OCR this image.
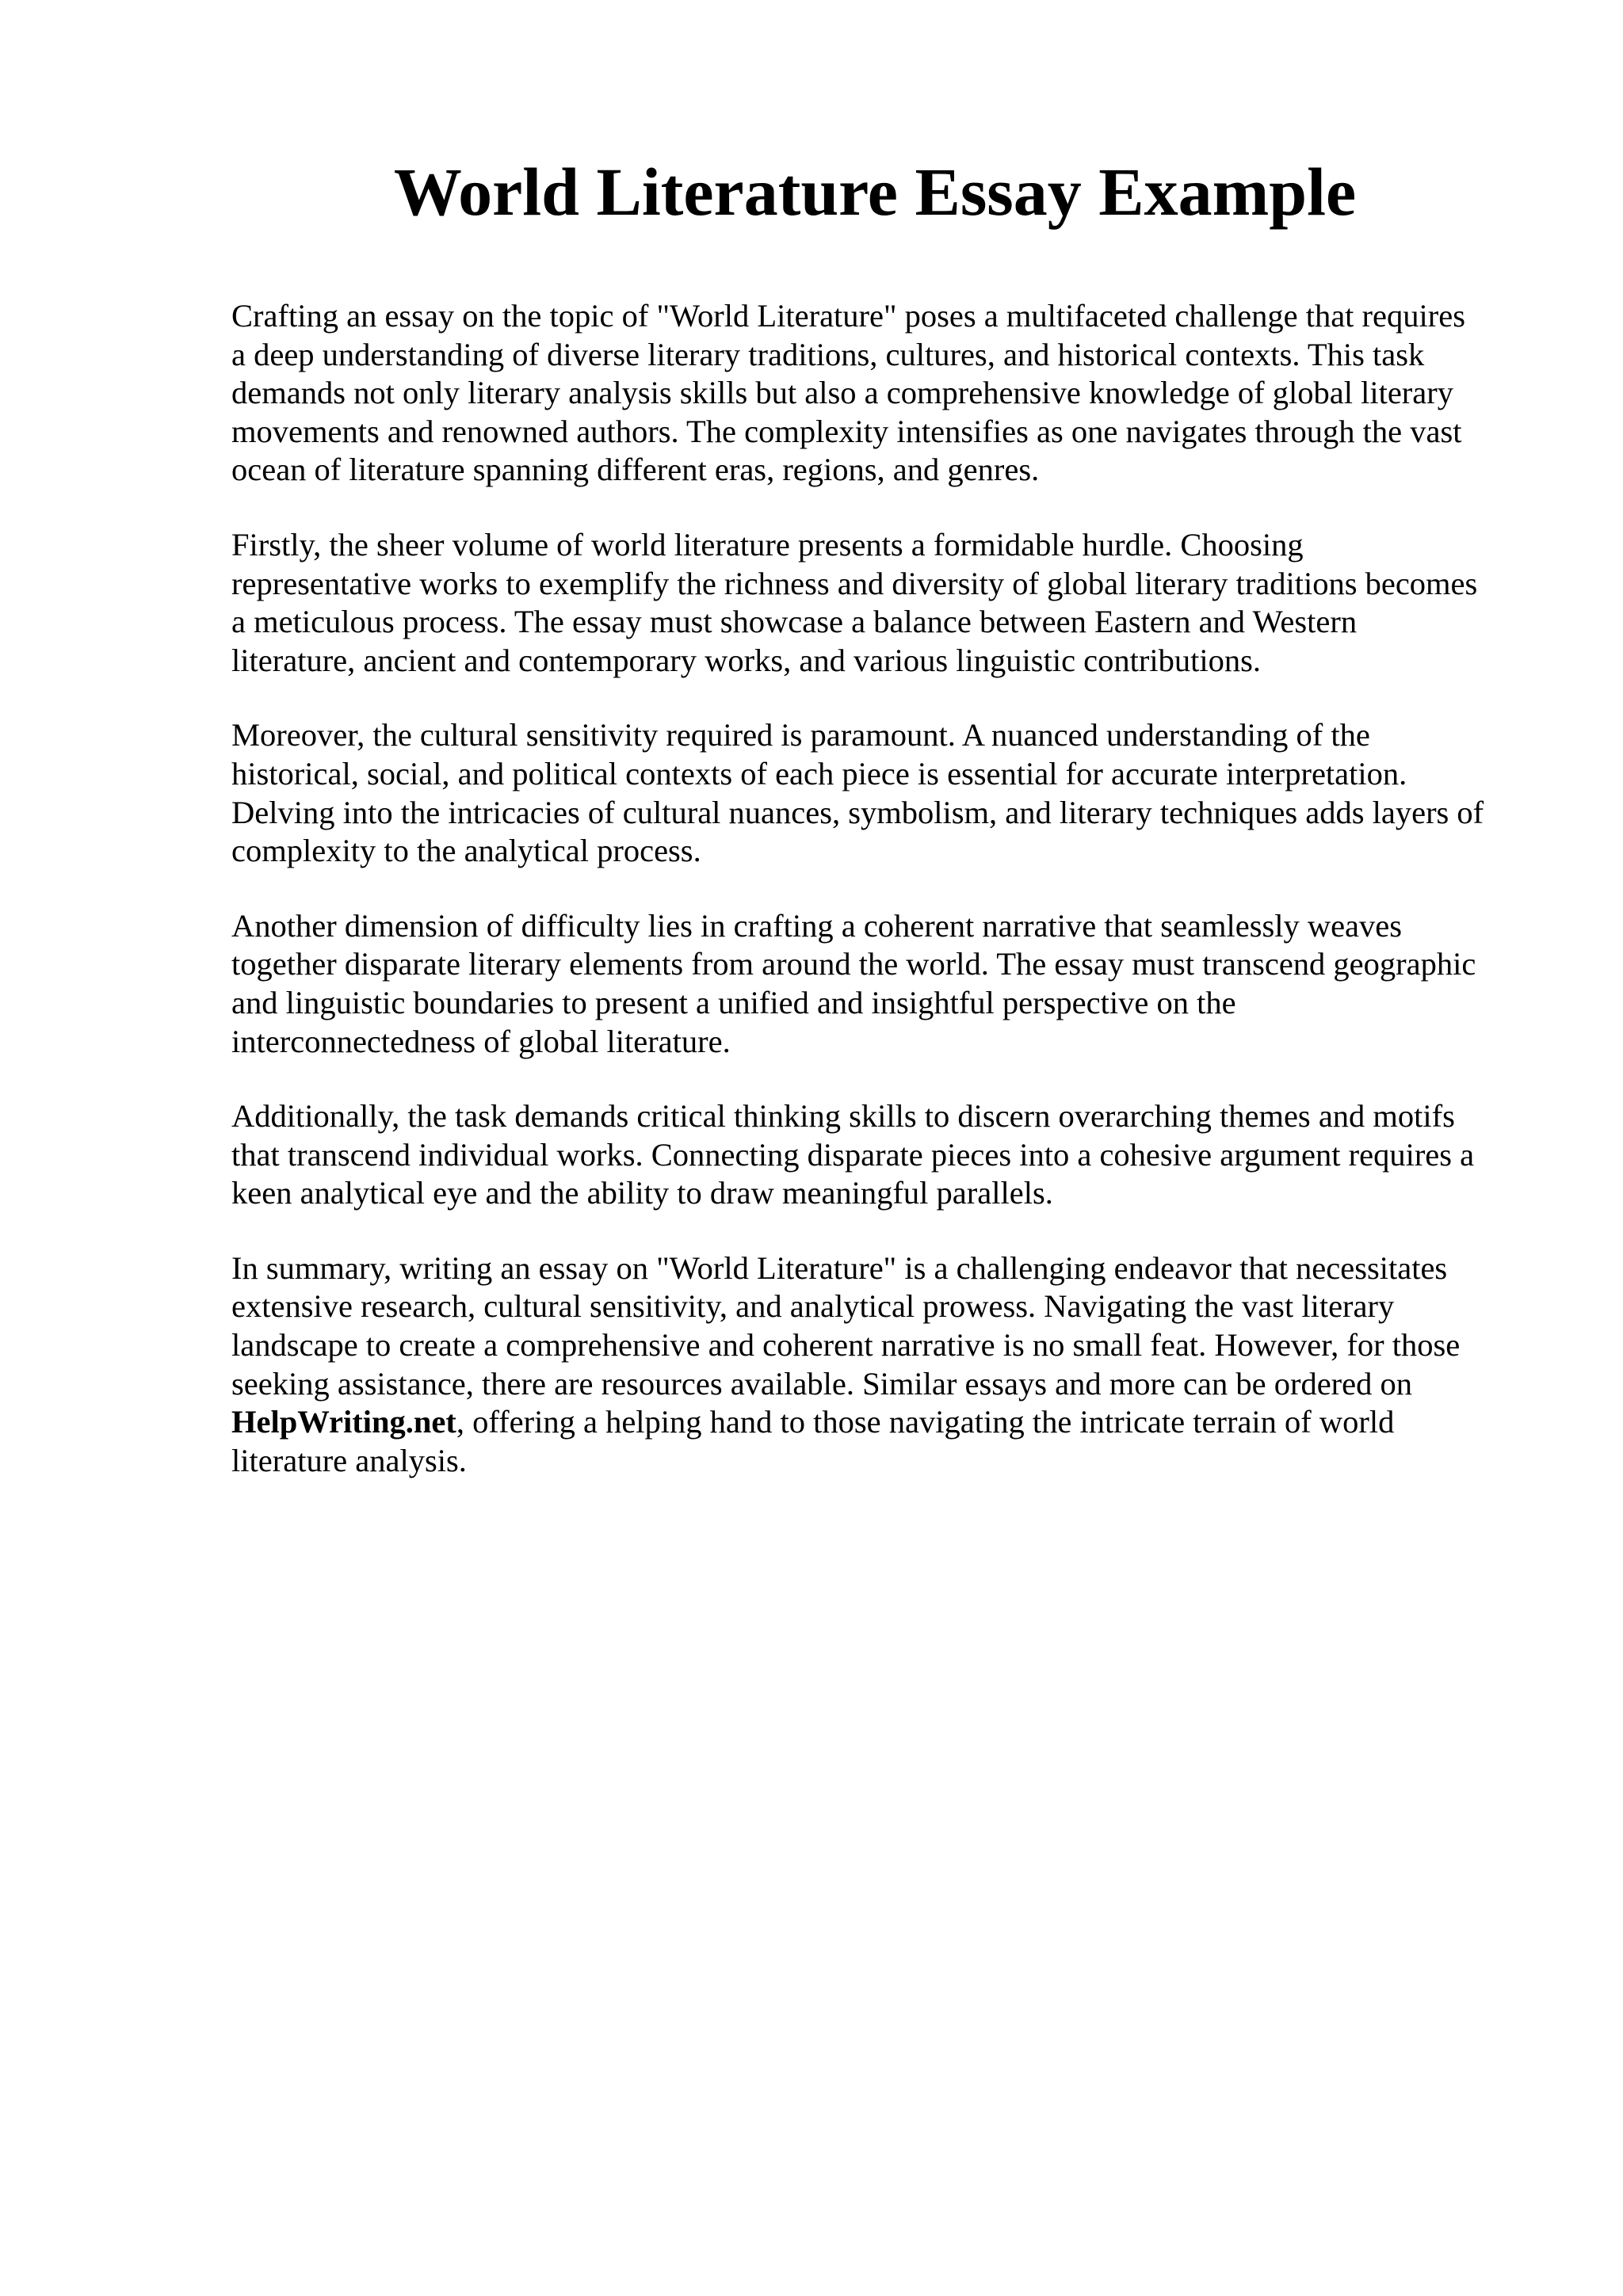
World Literature Essay Example

Crafting an essay on the topic of "World Literature" poses a multifaceted challenge that requires
a deep understanding of diverse literary traditions, cultures, and historical contexts. This task
demands not only literary analysis skills but also a comprehensive knowledge of global literary
movements and renowned authors. The complexity intensifies as one navigates through the vast
ocean of literature spanning different eras, regions, and genres.

Firstly, the sheer volume of world literature presents a formidable hurdle. Choosing
representative works to exemplify the richness and diversity of global literary traditions becomes
a meticulous process. The essay must showcase a balance between Eastern and Western
literature, ancient and contemporary works, and various linguistic contributions.

Moreover, the cultural sensitivity required is paramount. A nuanced understanding of the
historical, social, and political contexts of each piece is essential for accurate interpretation.
Delving into the intricacies of cultural nuances, symbolism, and literary techniques adds layers of
complexity to the analytical process.

Another dimension of difficulty lies in crafting a coherent narrative that seamlessly weaves
together disparate literary elements from around the world. The essay must transcend geographic
and linguistic boundaries to present a unified and insightful perspective on the
interconnectedness of global literature.

Additionally, the task demands critical thinking skills to discern overarching themes and motifs
that transcend individual works. Connecting disparate pieces into a cohesive argument requires a
keen analytical eye and the ability to draw meaningful parallels.

In summary, writing an essay on "World Literature" is a challenging endeavor that necessitates
extensive research, cultural sensitivity, and analytical prowess. Navigating the vast literary
landscape to create a comprehensive and coherent narrative is no small feat. However, for those
seeking assistance, there are resources available. Similar essays and more can be ordered on
HelpWriting.net, offering a helping hand to those navigating the intricate terrain of world
literature analysis.
